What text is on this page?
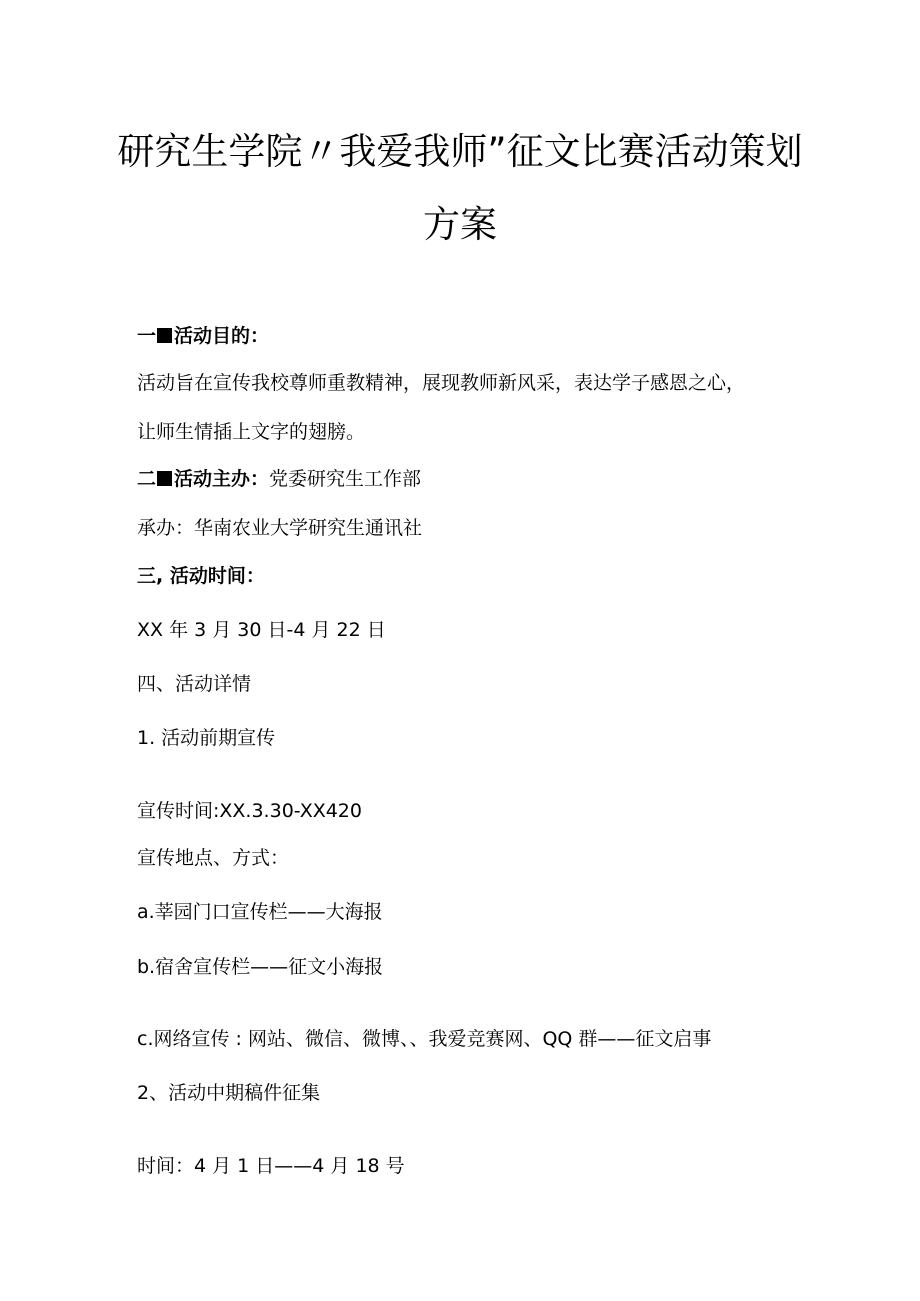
研究生学院〃我爱我师”征文比赛活动策划
方案

一 活动目的：

活动旨在宣传我校尊师重教精神，展现教师新风采，表达学子感恩之心，

让师生情插上文字的翅膀。

二 活动主办：党委研究生工作部

承办：华南农业大学研究生通讯社

三, 活动时间：

XX 年 3 月 30 日-4 月 22 日

四、活动详情

1. 活动前期宣传

宣传时间:XX.3.30-XX420

宣传地点、方式：

a.莘园门口宣传栏——大海报

b.宿舍宣传栏——征文小海报

c.网络宣传 : 网站、微信、微博、、我爱竞赛网、QQ 群——征文启事

2、活动中期稿件征集

时间：4 月 1 日——4 月 18 号
